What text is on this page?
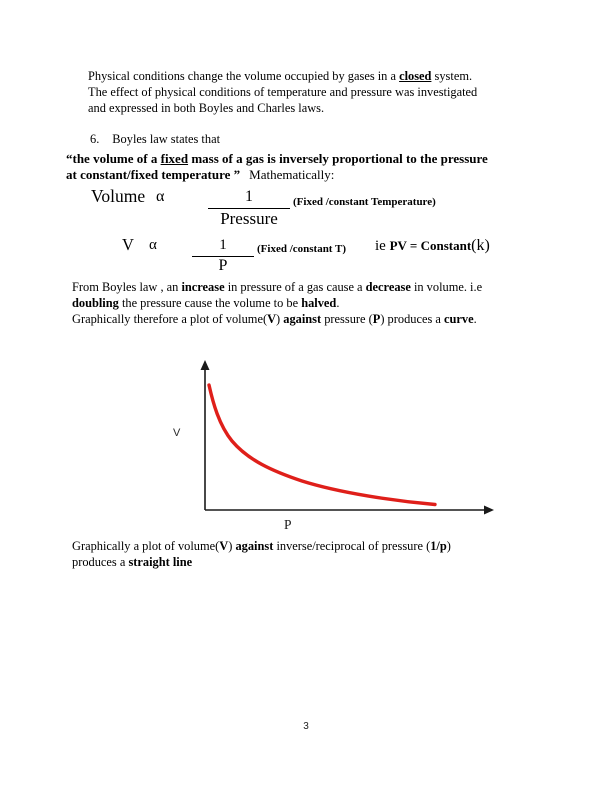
Physical conditions change the volume occupied by gases in a closed system.
The effect of physical conditions of temperature and pressure was investigated
and expressed in both Boyles and Charles laws.
6. Boyles law states that
“the volume of a fixed mass of a gas is inversely proportional to the pressure
at constant/fixed temperature ” Mathematically:
Volume α	1	(Fixed /constant Temperature)
Pressure
V α	1	(Fixed /constant T) ie PV = Constant(k)
P
From Boyles law , an increase in pressure of a gas cause a decrease in volume. i.e
doubling the pressure cause the volume to be halved.
Graphically therefore a plot of volume(V) against pressure (P) produces a curve.
V
P
Graphically a plot of volume(V) against inverse/reciprocal of pressure (1/p)
produces a straight line
3
